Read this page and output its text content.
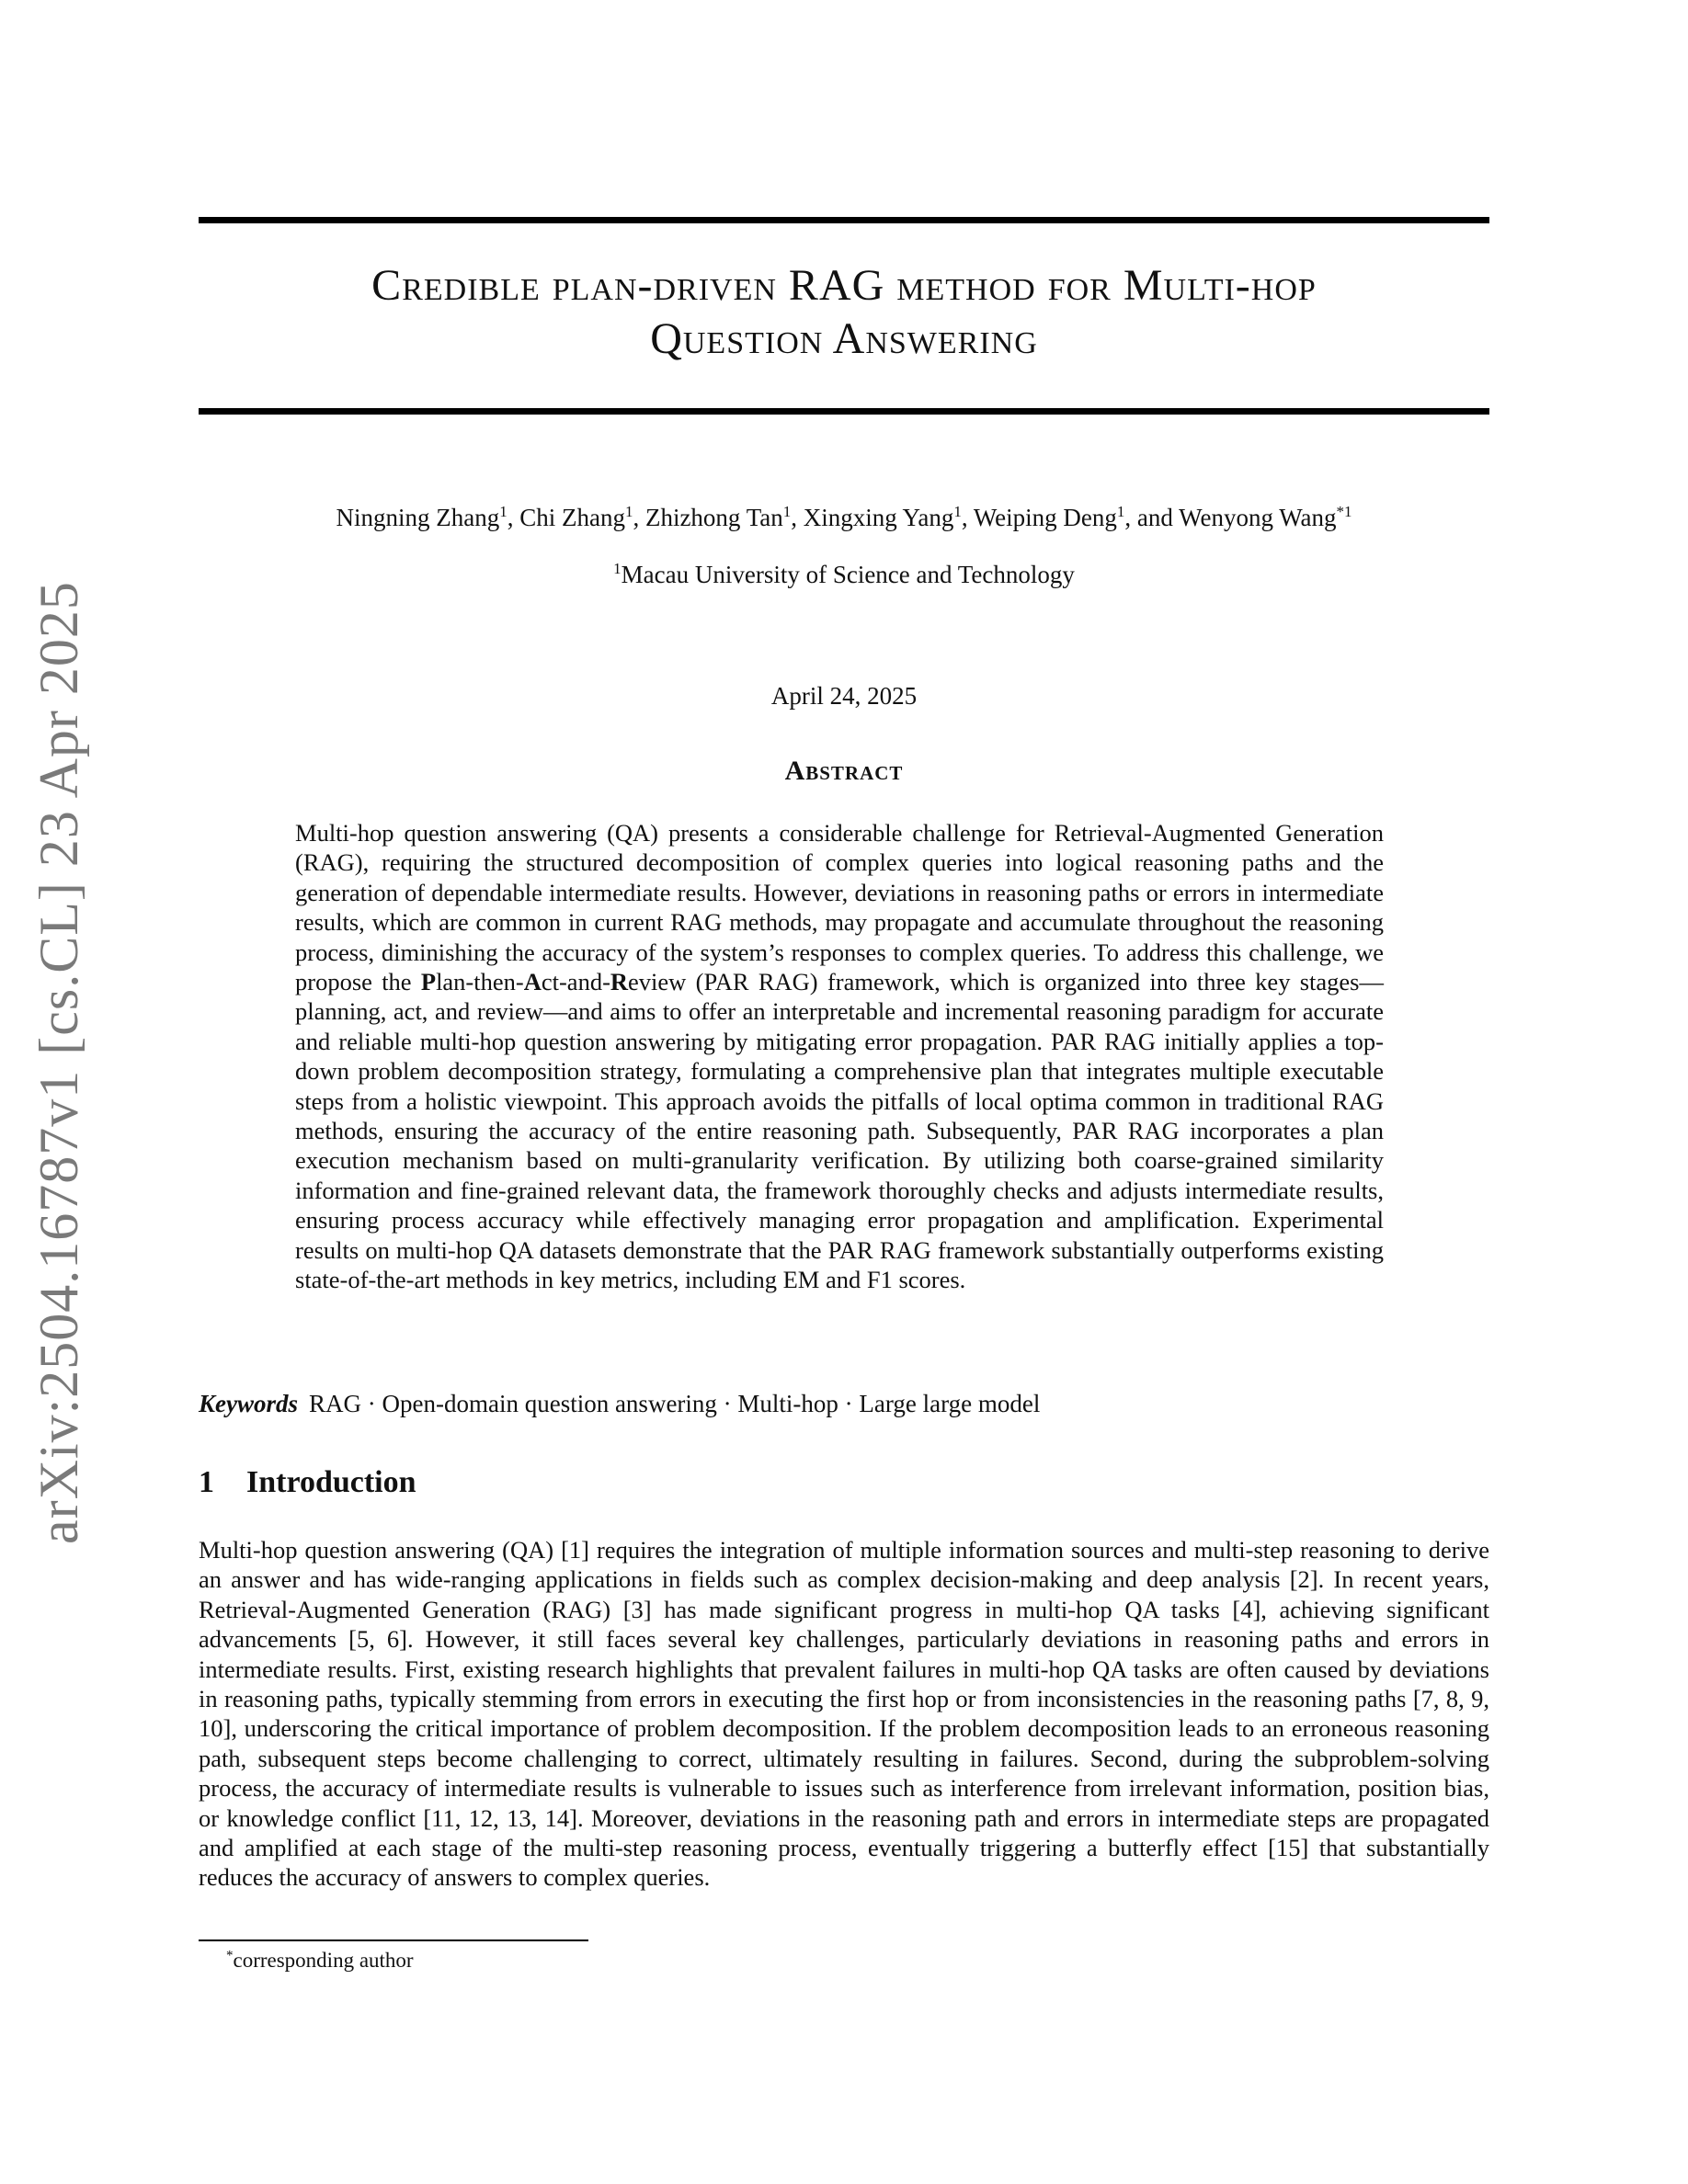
arXiv:2504.16787v1 [cs.CL] 23 Apr 2025
Credible plan-driven RAG method for Multi-hop
Question Answering
Ningning Zhang$^1$, Chi Zhang$^1$, Zhizhong Tan$^1$, Xingxing Yang$^1$, Weiping Deng$^1$, and Wenyong Wang$^{*1}$
$^1$Macau University of Science and Technology
April 24, 2025
Abstract
Multi-hop question answering (QA) presents a considerable challenge for Retrieval-Augmented Generation (RAG), requiring the structured decomposition of complex queries into logical reasoning paths and the generation of dependable intermediate results. However, deviations in reasoning paths or errors in intermediate results, which are common in current RAG methods, may propagate and accumulate throughout the reasoning process, diminishing the accuracy of the system’s responses to complex queries. To address this challenge, we propose the Plan-then-Act-and-Review (PAR RAG) framework, which is organized into three key stages—planning, act, and review—and aims to offer an interpretable and incremental reasoning paradigm for accurate and reliable multi-hop question answering by mitigating error propagation. PAR RAG initially applies a top-down problem decomposition strategy, formulating a comprehensive plan that integrates multiple executable steps from a holistic viewpoint. This approach avoids the pitfalls of local optima common in traditional RAG methods, ensuring the accuracy of the entire reasoning path. Subsequently, PAR RAG incorporates a plan execution mechanism based on multi-granularity verification. By utilizing both coarse-grained similarity information and fine-grained relevant data, the framework thoroughly checks and adjusts intermediate results, ensuring process accuracy while effectively managing error propagation and amplification. Experimental results on multi-hop QA datasets demonstrate that the PAR RAG framework substantially outperforms existing state-of-the-art methods in key metrics, including EM and F1 scores.
Keywords RAG · Open-domain question answering · Multi-hop · Large large model
1 Introduction
Multi-hop question answering (QA) [1] requires the integration of multiple information sources and multi-step reasoning to derive an answer and has wide-ranging applications in fields such as complex decision-making and deep analysis [2]. In recent years, Retrieval-Augmented Generation (RAG) [3] has made significant progress in multi-hop QA tasks [4], achieving significant advancements [5, 6]. However, it still faces several key challenges, particularly deviations in reasoning paths and errors in intermediate results. First, existing research highlights that prevalent failures in multi-hop QA tasks are often caused by deviations in reasoning paths, typically stemming from errors in executing the first hop or from inconsistencies in the reasoning paths [7, 8, 9, 10], underscoring the critical importance of problem decomposition. If the problem decomposition leads to an erroneous reasoning path, subsequent steps become challenging to correct, ultimately resulting in failures. Second, during the subproblem-solving process, the accuracy of intermediate results is vulnerable to issues such as interference from irrelevant information, position bias, or knowledge conflict [11, 12, 13, 14]. Moreover, deviations in the reasoning path and errors in intermediate steps are propagated and amplified at each stage of the multi-step reasoning process, eventually triggering a butterfly effect [15] that substantially reduces the accuracy of answers to complex queries.
*corresponding author
